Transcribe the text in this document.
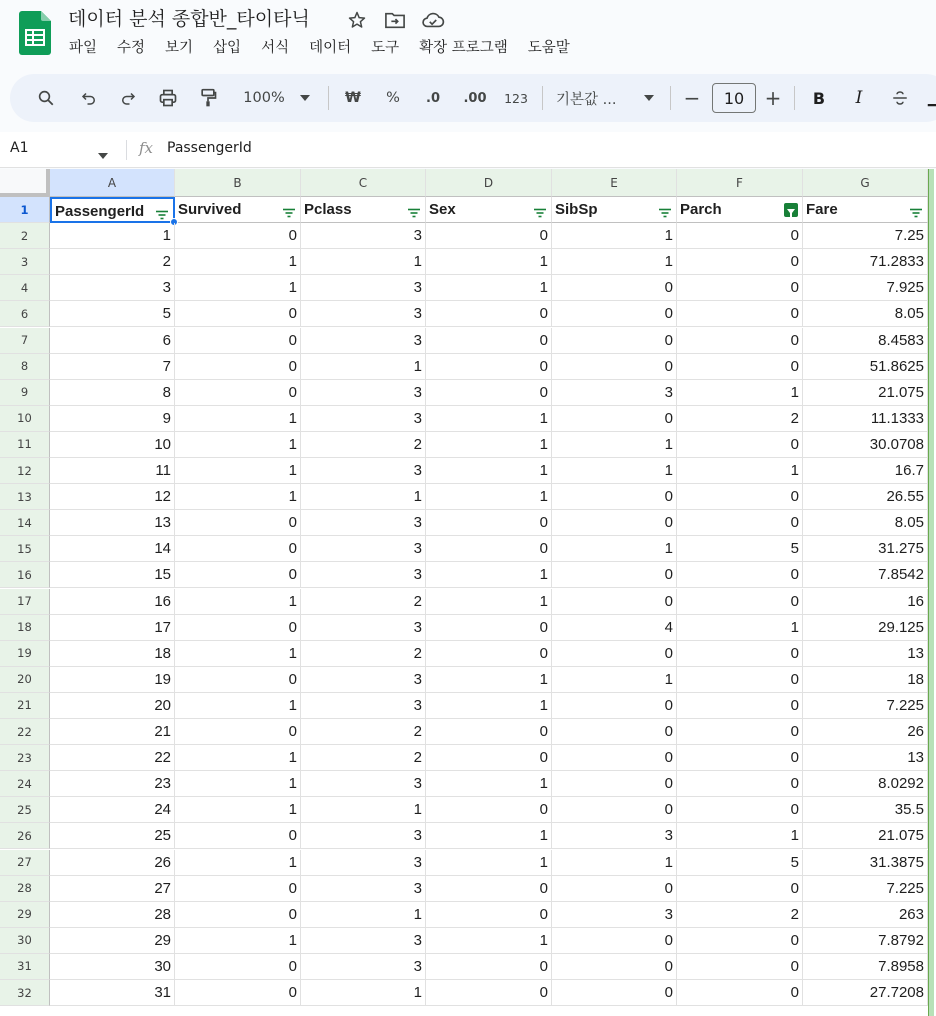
데이터 분석 종합반_타이타닉
파일 수정 보기 삽입 서식 데이터 도구 확장 프로그램 도움말
100%	₩	%	.0	.00 123 기본값 ...	−	10	+	B	I
A1	fx PassengerId
A	B	C	D	E	F	G
1	PassengerId	Survived	Pclass	Sex	SibSp	Parch	Fare
2	1	0	3	0	1	0	7.25
3	2	1	1	1	1	0	71.2833
4	3	1	3	1	0	0	7.925
6	5	0	3	0	0	0	8.05
7	6	0	3	0	0	0	8.4583
8	7	0	1	0	0	0	51.8625
9	8	0	3	0	3	1	21.075
10	9	1	3	1	0	2	11.1333
11	10	1	2	1	1	0	30.0708
12	11	1	3	1	1	1	16.7
13	12	1	1	1	0	0	26.55
14	13	0	3	0	0	0	8.05
15	14	0	3	0	1	5	31.275
16	15	0	3	1	0	0	7.8542
17	16	1	2	1	0	0	16
18	17	0	3	0	4	1	29.125
19	18	1	2	0	0	0	13
20	19	0	3	1	1	0	18
21	20	1	3	1	0	0	7.225
22	21	0	2	0	0	0	26
23	22	1	2	0	0	0	13
24	23	1	3	1	0	0	8.0292
25	24	1	1	0	0	0	35.5
26	25	0	3	1	3	1	21.075
27	26	1	3	1	1	5	31.3875
28	27	0	3	0	0	0	7.225
29	28	0	1	0	3	2	263
30	29	1	3	1	0	0	7.8792
31	30	0	3	0	0	0	7.8958
32	31	0	1	0	0	0	27.7208
